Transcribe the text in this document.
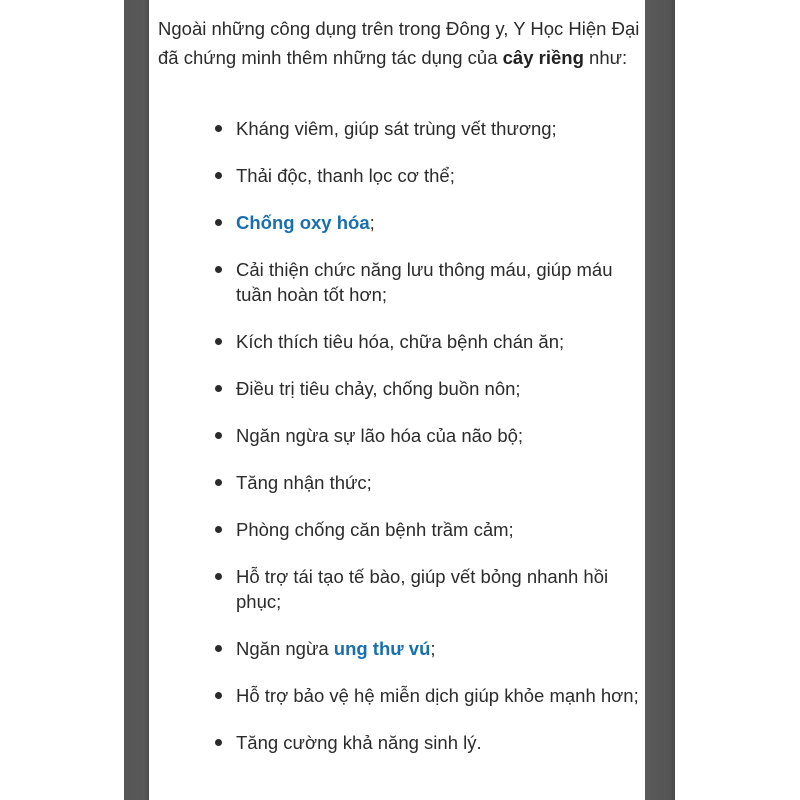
Ngoài những công dụng trên trong Đông y, Y Học Hiện Đại đã chứng minh thêm những tác dụng của cây riềng như:

Kháng viêm, giúp sát trùng vết thương;
Thải độc, thanh lọc cơ thể;
Chống oxy hóa;
Cải thiện chức năng lưu thông máu, giúp máu tuần hoàn tốt hơn;
Kích thích tiêu hóa, chữa bệnh chán ăn;
Điều trị tiêu chảy, chống buồn nôn;
Ngăn ngừa sự lão hóa của não bộ;
Tăng nhận thức;
Phòng chống căn bệnh trầm cảm;
Hỗ trợ tái tạo tế bào, giúp vết bỏng nhanh hồi phục;
Ngăn ngừa ung thư vú;
Hỗ trợ bảo vệ hệ miễn dịch giúp khỏe mạnh hơn;
Tăng cường khả năng sinh lý.
